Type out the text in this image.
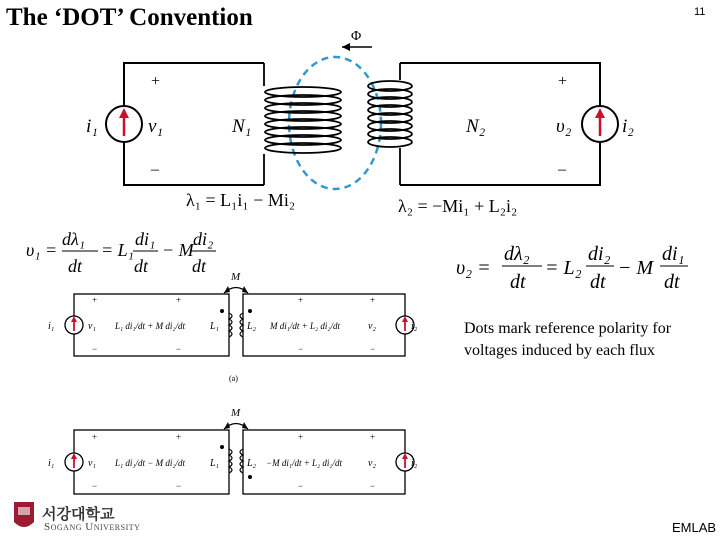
The ‘DOT’ Convention	11
Φ
+
–
i₁	v₁	N₁	N₂
+
–
υ₂	i₂
λ₁ = L₁i₁ − Mi₂	λ₂ = −Mi₁ + L₂i₂
υ₁ =
dλ₁
dt
= L₁
di₁
dt
− M
di₂
dt	υ₂ =
dλ₂
dt
= L₂
di₂
dt
− M
di₁
dt
M
i₁	v₁
+
−
+
−
L₁ di₁/dt + M di₂/dt	L₁	L₂ M di₁/dt + L₂ di₂/dt
+
−
+
−
v₂	i₂
(a)
M
i₁	v₁
+
−
+
−
L₁ di₁/dt − M di₂/dt	L₁	L₂ −M di₁/dt + L₂ di₂/dt
+
−
+
−
v₂	i₂
Dots mark reference polarity for
voltages induced by each flux
서강대학교
Sogang University	EMLAB
